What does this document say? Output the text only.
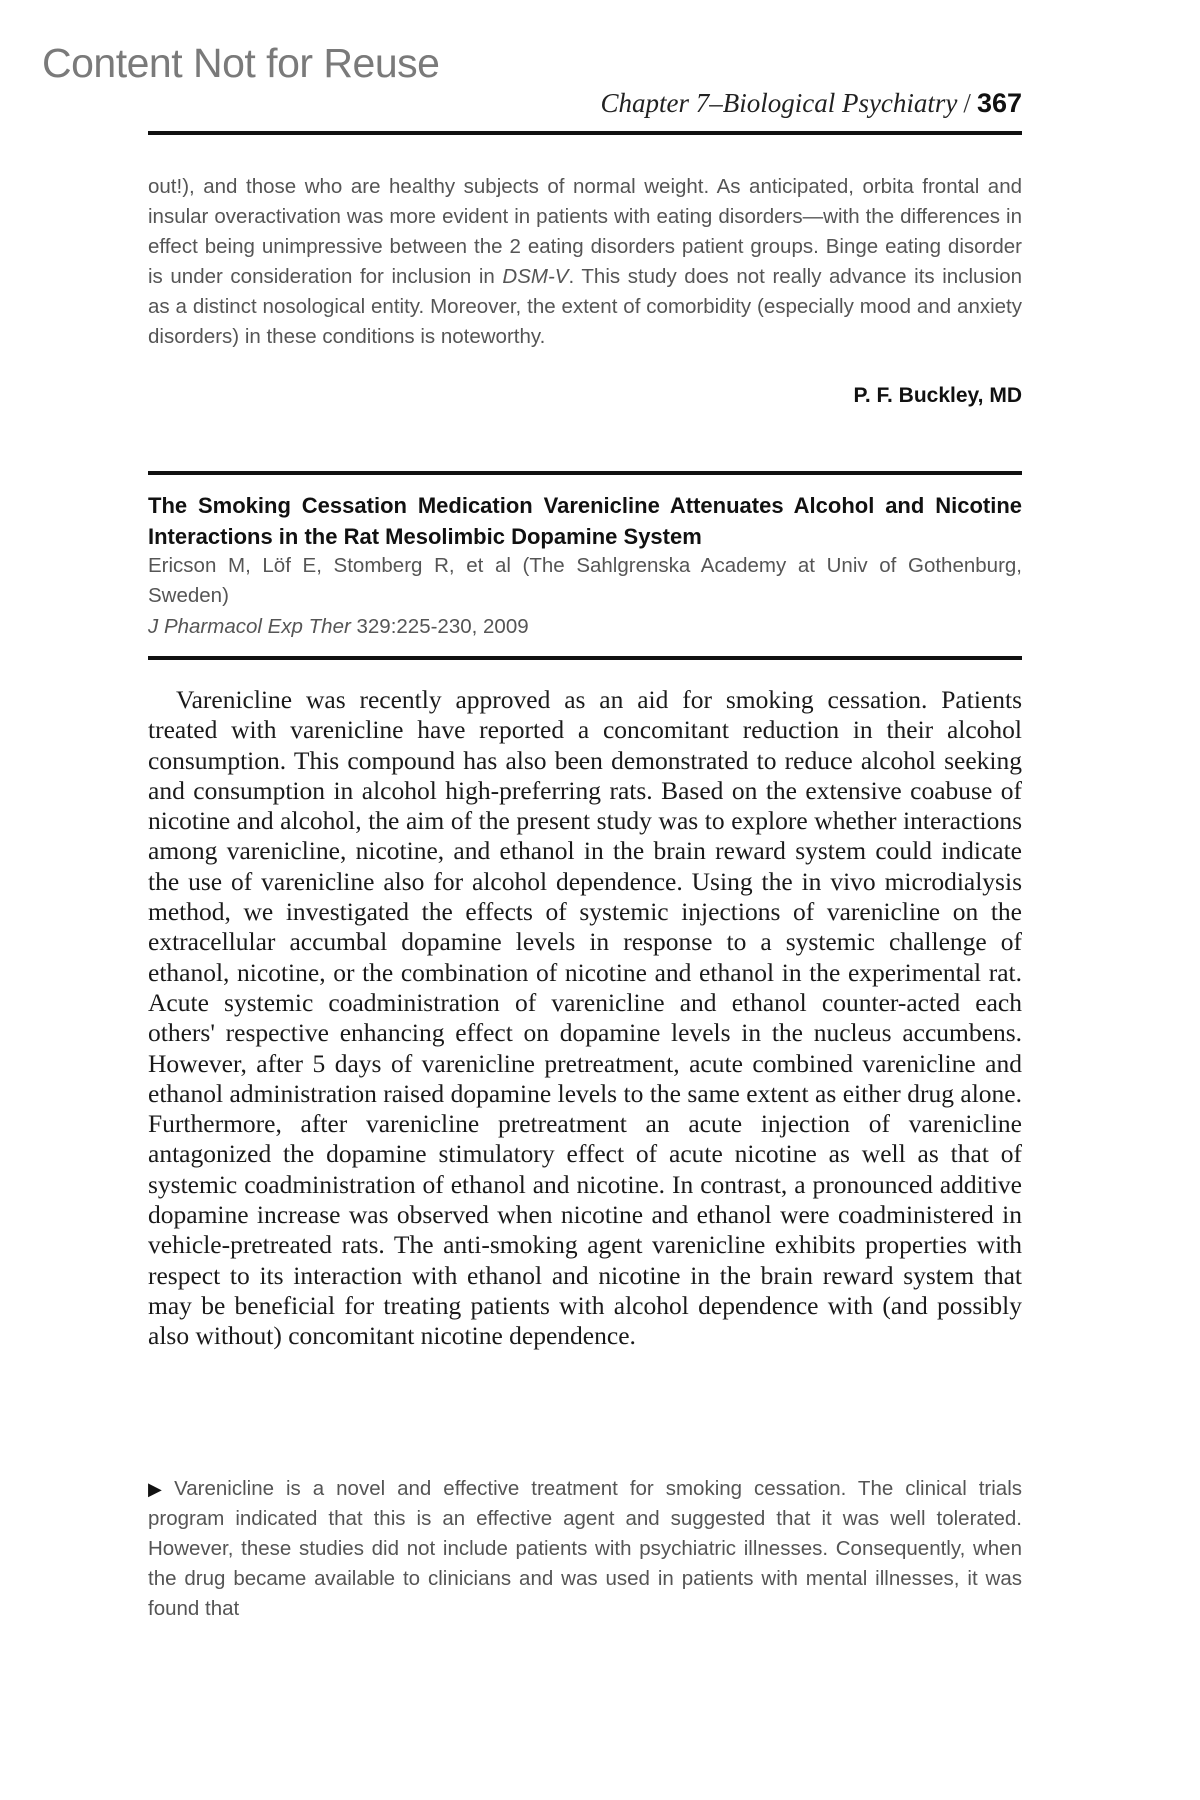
Content Not for Reuse
Chapter 7–Biological Psychiatry / 367

out!), and those who are healthy subjects of normal weight. As anticipated, orbita frontal and insular overactivation was more evident in patients with eating disorders—with the differences in effect being unimpressive between the 2 eating disorders patient groups. Binge eating disorder is under consideration for inclusion in DSM-V. This study does not really advance its inclusion as a distinct nosological entity. Moreover, the extent of comorbidity (especially mood and anxiety disorders) in these conditions is noteworthy.

P. F. Buckley, MD
The Smoking Cessation Medication Varenicline Attenuates Alcohol and Nicotine Interactions in the Rat Mesolimbic Dopamine System

Ericson M, Löf E, Stomberg R, et al (The Sahlgrenska Academy at Univ of Gothenburg, Sweden)

J Pharmacol Exp Ther 329:225-230, 2009

Varenicline was recently approved as an aid for smoking cessation. Patients treated with varenicline have reported a concomitant reduction in their alcohol consumption. This compound has also been demonstrated to reduce alcohol seeking and consumption in alcohol high-preferring rats. Based on the extensive coabuse of nicotine and alcohol, the aim of the present study was to explore whether interactions among varenicline, nicotine, and ethanol in the brain reward system could indicate the use of varenicline also for alcohol dependence. Using the in vivo microdialysis method, we investigated the effects of systemic injections of varenicline on the extracellular accumbal dopamine levels in response to a systemic challenge of ethanol, nicotine, or the combination of nicotine and ethanol in the experimental rat. Acute systemic coadministration of varenicline and ethanol counter-acted each others' respective enhancing effect on dopamine levels in the nucleus accumbens. However, after 5 days of varenicline pretreatment, acute combined varenicline and ethanol administration raised dopamine levels to the same extent as either drug alone. Furthermore, after varenicline pretreatment an acute injection of varenicline antagonized the dopamine stimulatory effect of acute nicotine as well as that of systemic coadministration of ethanol and nicotine. In contrast, a pronounced additive dopamine increase was observed when nicotine and ethanol were coadministered in vehicle-pretreated rats. The anti-smoking agent varenicline exhibits properties with respect to its interaction with ethanol and nicotine in the brain reward system that may be beneficial for treating patients with alcohol dependence with (and possibly also without) concomitant nicotine dependence.

▶ Varenicline is a novel and effective treatment for smoking cessation. The clinical trials program indicated that this is an effective agent and suggested that it was well tolerated. However, these studies did not include patients with psychiatric illnesses. Consequently, when the drug became available to clinicians and was used in patients with mental illnesses, it was found that
